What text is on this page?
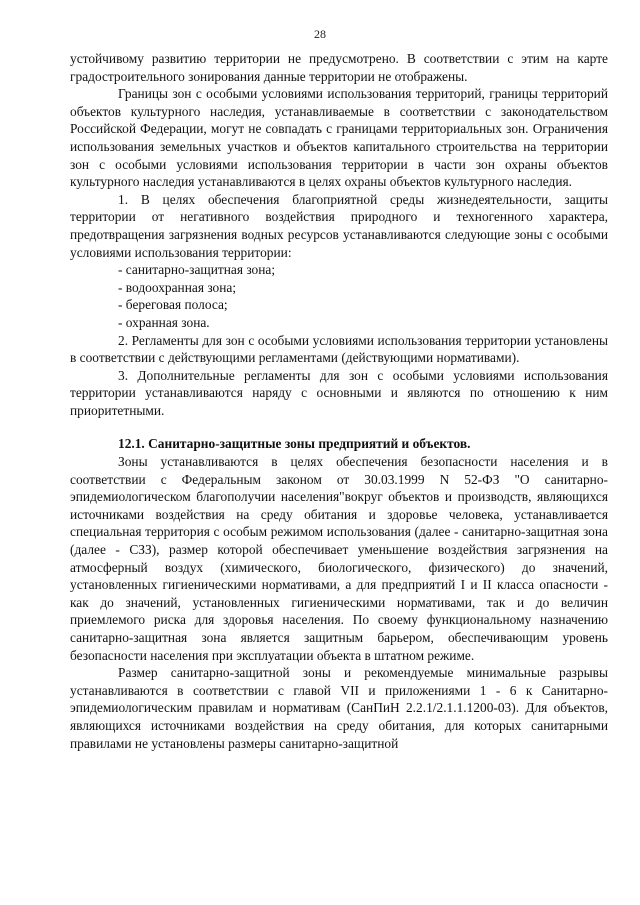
28

устойчивому развитию территории не предусмотрено. В соответствии с этим на карте градостроительного зонирования данные территории не отображены.

Границы зон с особыми условиями использования территорий, границы территорий объектов культурного наследия, устанавливаемые в соответствии с законодательством Российской Федерации, могут не совпадать с границами территориальных зон. Ограничения использования земельных участков и объектов капитального строительства на территории зон с особыми условиями использования территории в части зон охраны объектов культурного наследия устанавливаются в целях охраны объектов культурного наследия.

1. В целях обеспечения благоприятной среды жизнедеятельности, защиты территории от негативного воздействия природного и техногенного характера, предотвращения загрязнения водных ресурсов устанавливаются следующие зоны с особыми условиями использования территории:

- санитарно-защитная зона;

- водоохранная зона;

- береговая полоса;

- охранная зона.

2. Регламенты для зон с особыми условиями использования территории установлены в соответствии с действующими регламентами (действующими нормативами).

3. Дополнительные регламенты для зон с особыми условиями использования территории устанавливаются наряду с основными и являются по отношению к ним приоритетными.

12.1. Санитарно-защитные зоны предприятий и объектов.

Зоны устанавливаются в целях обеспечения безопасности населения и в соответствии с Федеральным законом от 30.03.1999 N 52-ФЗ "О санитарно-эпидемиологическом благополучии населения"вокруг объектов и производств, являющихся источниками воздействия на среду обитания и здоровье человека, устанавливается специальная территория с особым режимом использования (далее - санитарно-защитная зона (далее - СЗЗ), размер которой обеспечивает уменьшение воздействия загрязнения на атмосферный воздух (химического, биологического, физического) до значений, установленных гигиеническими нормативами, а для предприятий I и II класса опасности - как до значений, установленных гигиеническими нормативами, так и до величин приемлемого риска для здоровья населения. По своему функциональному назначению санитарно-защитная зона является защитным барьером, обеспечивающим уровень безопасности населения при эксплуатации объекта в штатном режиме.

Размер санитарно-защитной зоны и рекомендуемые минимальные разрывы устанавливаются в соответствии с главой VII и приложениями 1 - 6 к Санитарно-эпидемиологическим правилам и нормативам (СанПиН 2.2.1/2.1.1.1200-03). Для объектов, являющихся источниками воздействия на среду обитания, для которых санитарными правилами не установлены размеры санитарно-защитной
